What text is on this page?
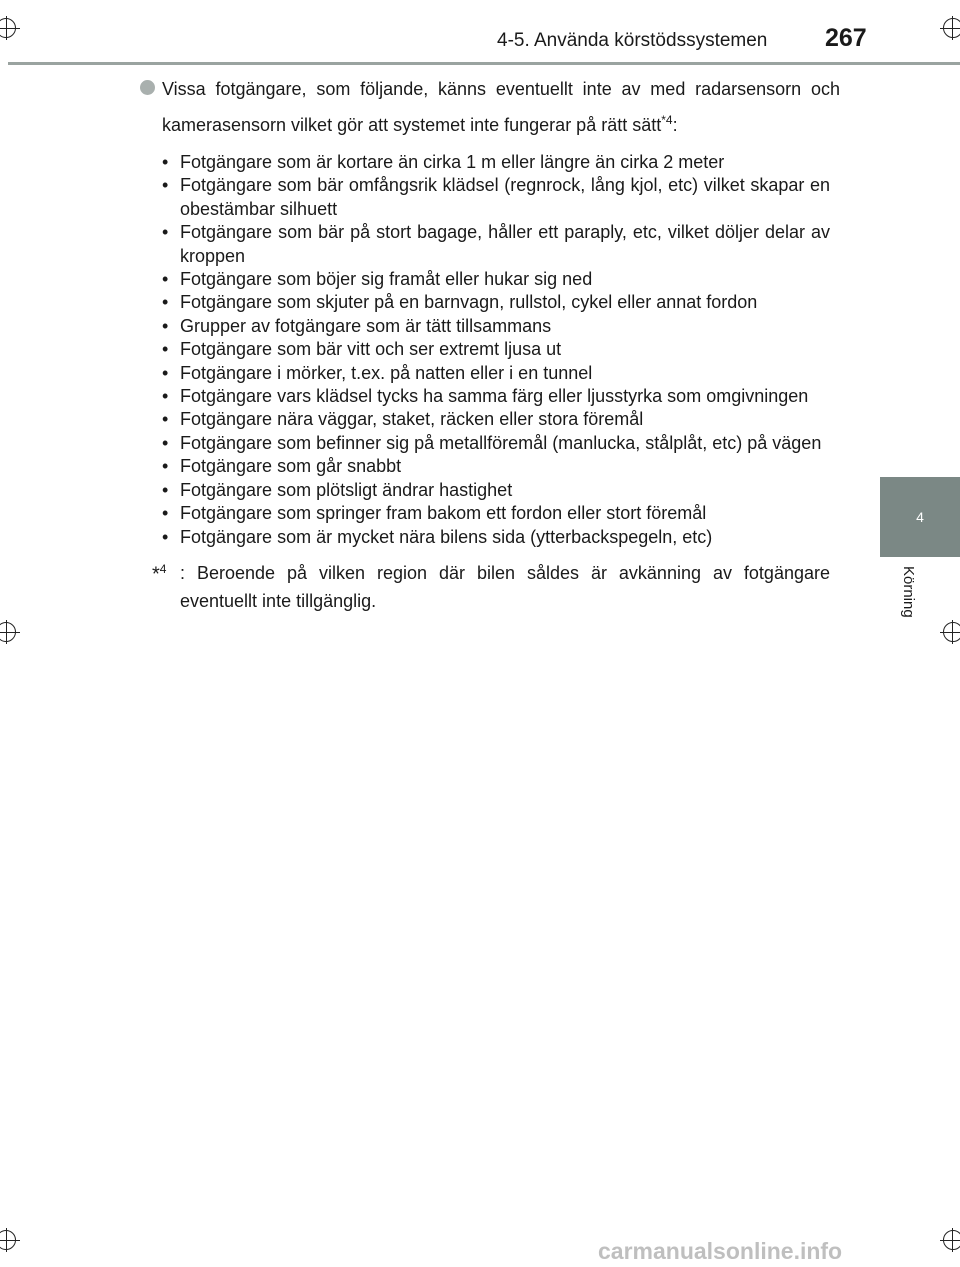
4-5. Använda körstödssystemen 267
4
Körning
Vissa fotgängare, som följande, känns eventuellt inte av med radarsensorn och kamerasensorn vilket gör att systemet inte fungerar på rätt sätt$^{*4}$:
• Fotgängare som är kortare än cirka 1 m eller längre än cirka 2 meter
• Fotgängare som bär omfångsrik klädsel (regnrock, lång kjol, etc) vilket skapar en obestämbar silhuett
• Fotgängare som bär på stort bagage, håller ett paraply, etc, vilket döljer delar av kroppen
• Fotgängare som böjer sig framåt eller hukar sig ned
• Fotgängare som skjuter på en barnvagn, rullstol, cykel eller annat fordon
• Grupper av fotgängare som är tätt tillsammans
• Fotgängare som bär vitt och ser extremt ljusa ut
• Fotgängare i mörker, t.ex. på natten eller i en tunnel
• Fotgängare vars klädsel tycks ha samma färg eller ljusstyrka som omgivningen
• Fotgängare nära väggar, staket, räcken eller stora föremål
• Fotgängare som befinner sig på metallföremål (manlucka, stålplåt, etc) på vägen
• Fotgängare som går snabbt
• Fotgängare som plötsligt ändrar hastighet
• Fotgängare som springer fram bakom ett fordon eller stort föremål
• Fotgängare som är mycket nära bilens sida (ytterbackspegeln, etc)
*$^4$ : Beroende på vilken region där bilen såldes är avkänning av fotgängare eventuellt inte tillgänglig.
carmanualsonline.info
